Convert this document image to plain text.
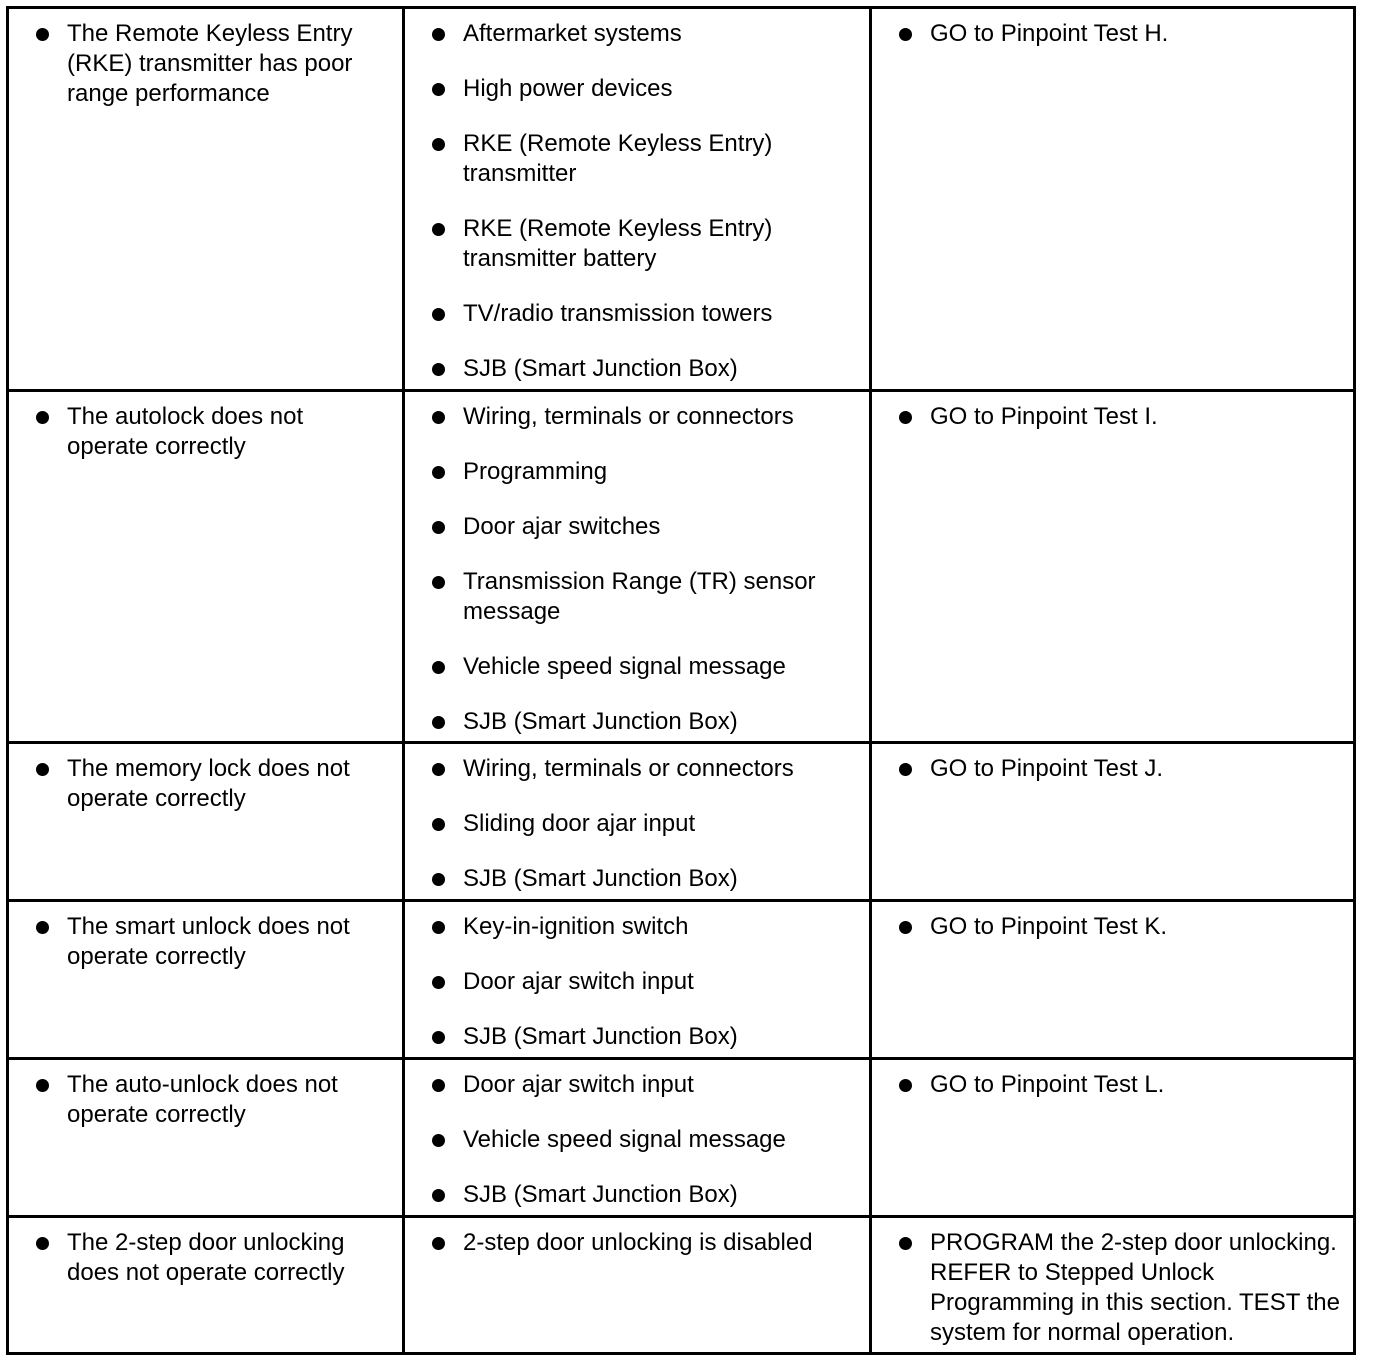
The Remote Keyless Entry (RKE) transmitter has poor range performance
Aftermarket systems
High power devices
RKE (Remote Keyless Entry) transmitter
RKE (Remote Keyless Entry) transmitter battery
TV/radio transmission towers
SJB (Smart Junction Box)
GO to Pinpoint Test H.
The autolock does not operate correctly
Wiring, terminals or connectors
Programming
Door ajar switches
Transmission Range (TR) sensor message
Vehicle speed signal message
SJB (Smart Junction Box)
GO to Pinpoint Test I.
The memory lock does not operate correctly
Wiring, terminals or connectors
Sliding door ajar input
SJB (Smart Junction Box)
GO to Pinpoint Test J.
The smart unlock does not operate correctly
Key-in-ignition switch
Door ajar switch input
SJB (Smart Junction Box)
GO to Pinpoint Test K.
The auto-unlock does not operate correctly
Door ajar switch input
Vehicle speed signal message
SJB (Smart Junction Box)
GO to Pinpoint Test L.
The 2-step door unlocking does not operate correctly
2-step door unlocking is disabled	PROGRAM the 2-step door unlocking. REFER to Stepped Unlock Programming in this section. TEST the system for normal operation.
